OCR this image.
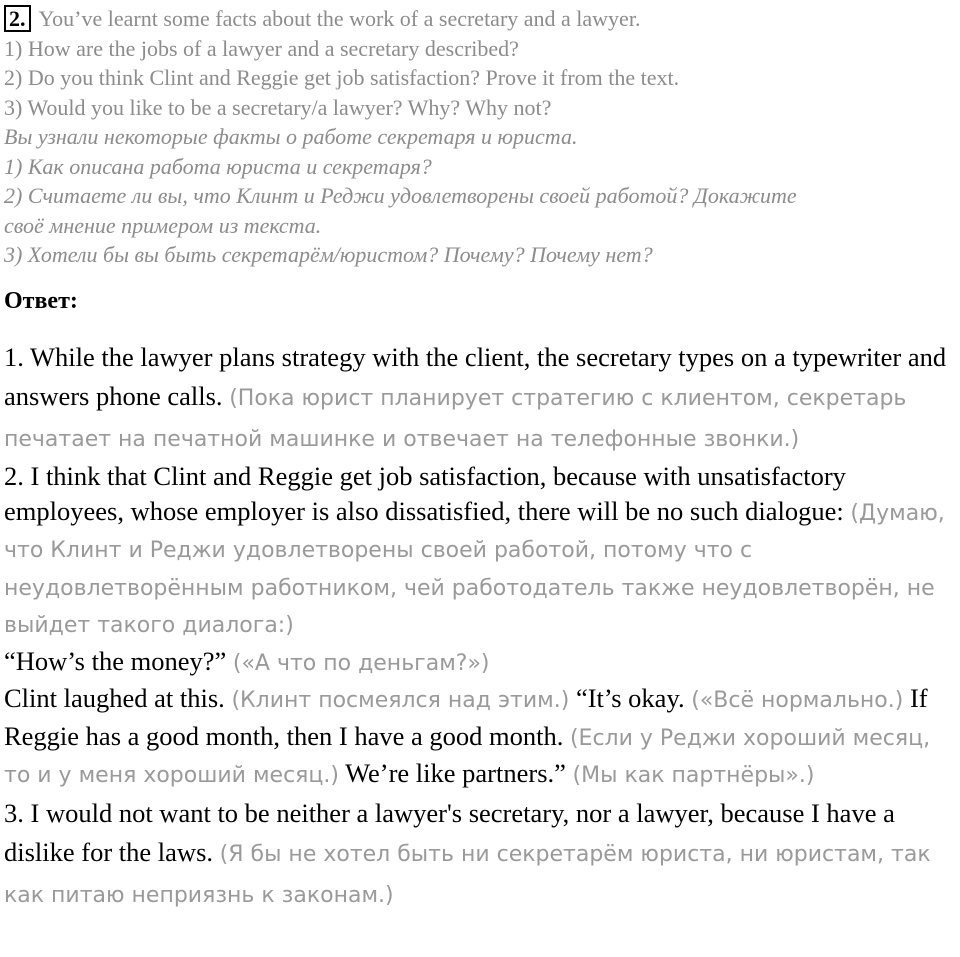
2. You’ve learnt some facts about the work of a secretary and a lawyer.
1) How are the jobs of a lawyer and a secretary described?
2) Do you think Clint and Reggie get job satisfaction? Prove it from the text.
3) Would you like to be a secretary/a lawyer? Why? Why not?
Вы узнали некоторые факты о работе секретаря и юриста.
1) Как описана работа юриста и секретаря?
2) Считаете ли вы, что Клинт и Реджи удовлетворены своей работой? Докажите
своё мнение примером из текста.
3) Хотели бы вы быть секретарём/юристом? Почему? Почему нет?
Ответ:
1. While the lawyer plans strategy with the client, the secretary types on a typewriter and answers phone calls. (Пока юрист планирует стратегию с клиентом, секретарь печатает на печатной машинке и отвечает на телефонные звонки.)
2. I think that Clint and Reggie get job satisfaction, because with unsatisfactory employees, whose employer is also dissatisfied, there will be no such dialogue: (Думаю, что Клинт и Реджи удовлетворены своей работой, потому что с неудовлетворённым работником, чей работодатель также неудовлетворён, не выйдет такого диалога:)
“How’s the money?” («А что по деньгам?»)
Clint laughed at this. (Клинт посмеялся над этим.) “It’s okay. («Всё нормально.) If Reggie has a good month, then I have a good month. (Если у Реджи хороший месяц, то и у меня хороший месяц.) We’re like partners.” (Мы как партнёры».)
3. I would not want to be neither a lawyer's secretary, nor a lawyer, because I have a dislike for the laws. (Я бы не хотел быть ни секретарём юриста, ни юристам, так как питаю неприязнь к законам.)
